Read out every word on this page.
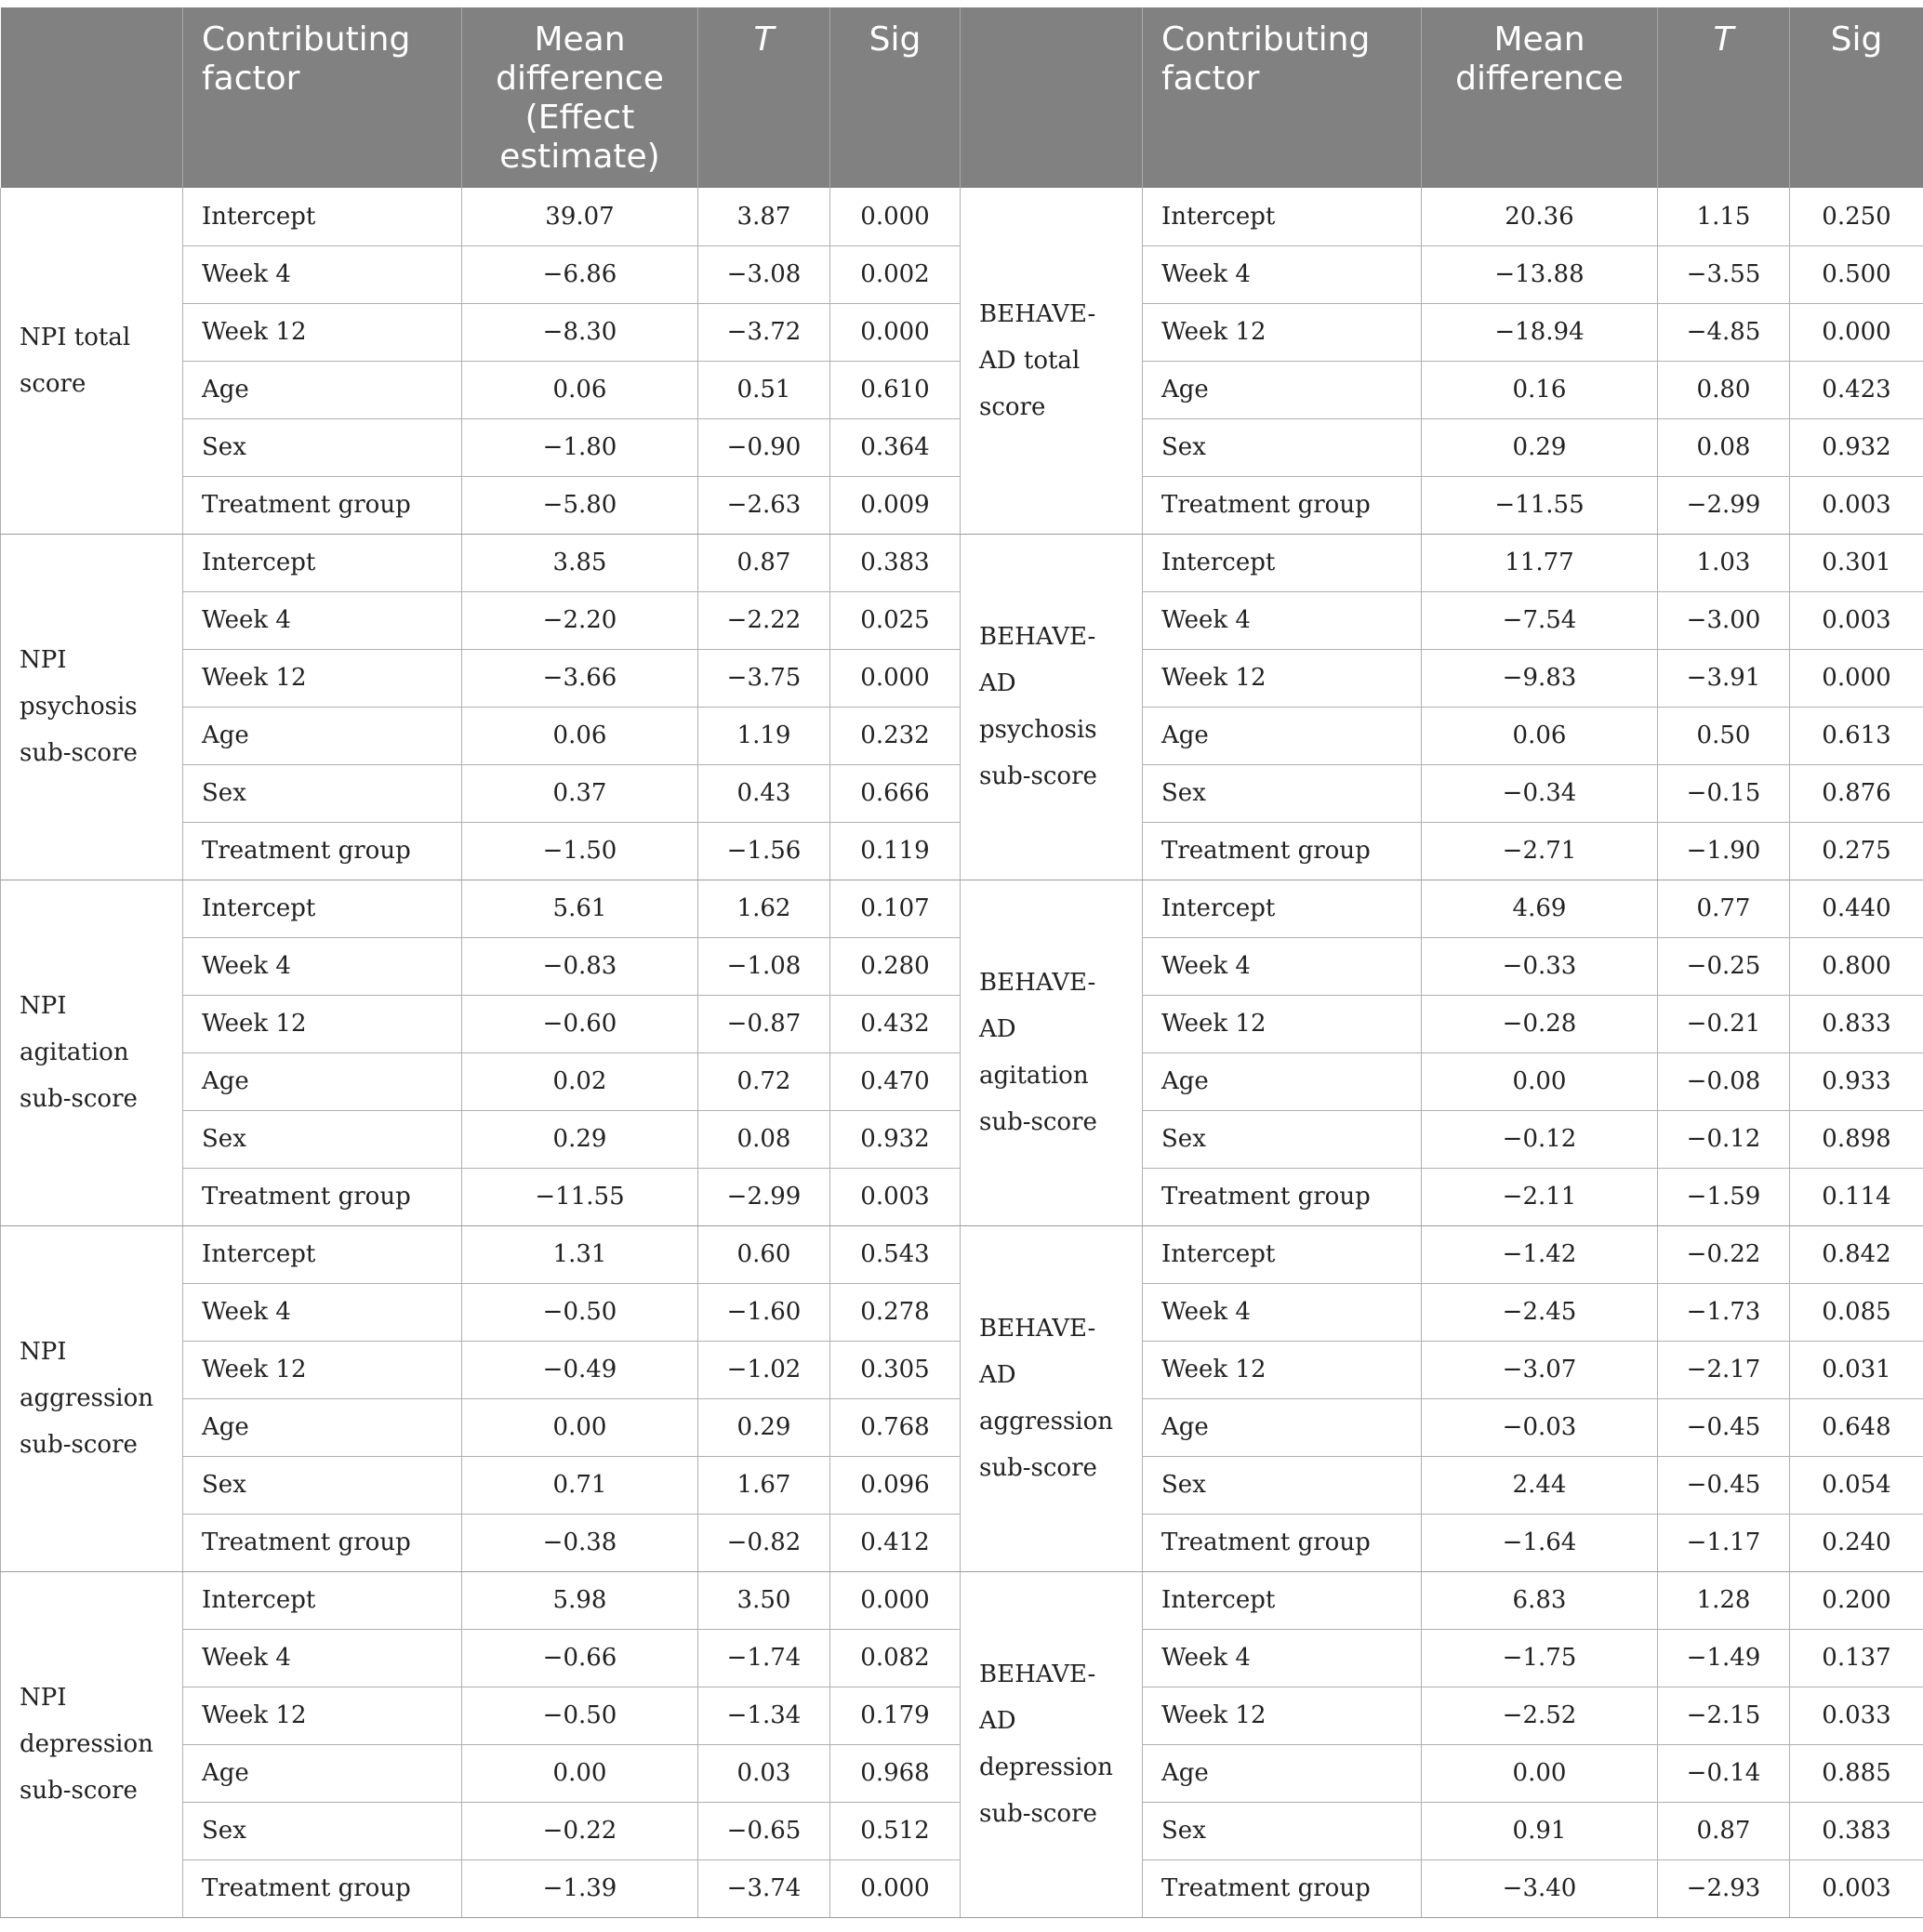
	Contributing factor	Mean difference (Effect estimate)	T	Sig		Contributing factor	Mean difference	T	Sig
NPI total score	Intercept	39.07	3.87	0.000	BEHAVE-AD total score	Intercept	20.36	1.15	0.250
	Week 4	−6.86	−3.08	0.002		Week 4	−13.88	−3.55	0.500
	Week 12	−8.30	−3.72	0.000		Week 12	−18.94	−4.85	0.000
	Age	0.06	0.51	0.610		Age	0.16	0.80	0.423
	Sex	−1.80	−0.90	0.364		Sex	0.29	0.08	0.932
	Treatment group	−5.80	−2.63	0.009		Treatment group	−11.55	−2.99	0.003
NPI psychosis sub-score	Intercept	3.85	0.87	0.383	BEHAVE-AD psychosis sub-score	Intercept	11.77	1.03	0.301
	Week 4	−2.20	−2.22	0.025		Week 4	−7.54	−3.00	0.003
	Week 12	−3.66	−3.75	0.000		Week 12	−9.83	−3.91	0.000
	Age	0.06	1.19	0.232		Age	0.06	0.50	0.613
	Sex	0.37	0.43	0.666		Sex	−0.34	−0.15	0.876
	Treatment group	−1.50	−1.56	0.119		Treatment group	−2.71	−1.90	0.275
NPI agitation sub-score	Intercept	5.61	1.62	0.107	BEHAVE-AD agitation sub-score	Intercept	4.69	0.77	0.440
	Week 4	−0.83	−1.08	0.280		Week 4	−0.33	−0.25	0.800
	Week 12	−0.60	−0.87	0.432		Week 12	−0.28	−0.21	0.833
	Age	0.02	0.72	0.470		Age	0.00	−0.08	0.933
	Sex	0.29	0.08	0.932		Sex	−0.12	−0.12	0.898
	Treatment group	−11.55	−2.99	0.003		Treatment group	−2.11	−1.59	0.114
NPI aggression sub-score	Intercept	1.31	0.60	0.543	BEHAVE-AD aggression sub-score	Intercept	−1.42	−0.22	0.842
	Week 4	−0.50	−1.60	0.278		Week 4	−2.45	−1.73	0.085
	Week 12	−0.49	−1.02	0.305		Week 12	−3.07	−2.17	0.031
	Age	0.00	0.29	0.768		Age	−0.03	−0.45	0.648
	Sex	0.71	1.67	0.096		Sex	2.44	−0.45	0.054
	Treatment group	−0.38	−0.82	0.412		Treatment group	−1.64	−1.17	0.240
NPI depression sub-score	Intercept	5.98	3.50	0.000	BEHAVE-AD depression sub-score	Intercept	6.83	1.28	0.200
	Week 4	−0.66	−1.74	0.082		Week 4	−1.75	−1.49	0.137
	Week 12	−0.50	−1.34	0.179		Week 12	−2.52	−2.15	0.033
	Age	0.00	0.03	0.968		Age	0.00	−0.14	0.885
	Sex	−0.22	−0.65	0.512		Sex	0.91	0.87	0.383
	Treatment group	−1.39	−3.74	0.000		Treatment group	−3.40	−2.93	0.003
